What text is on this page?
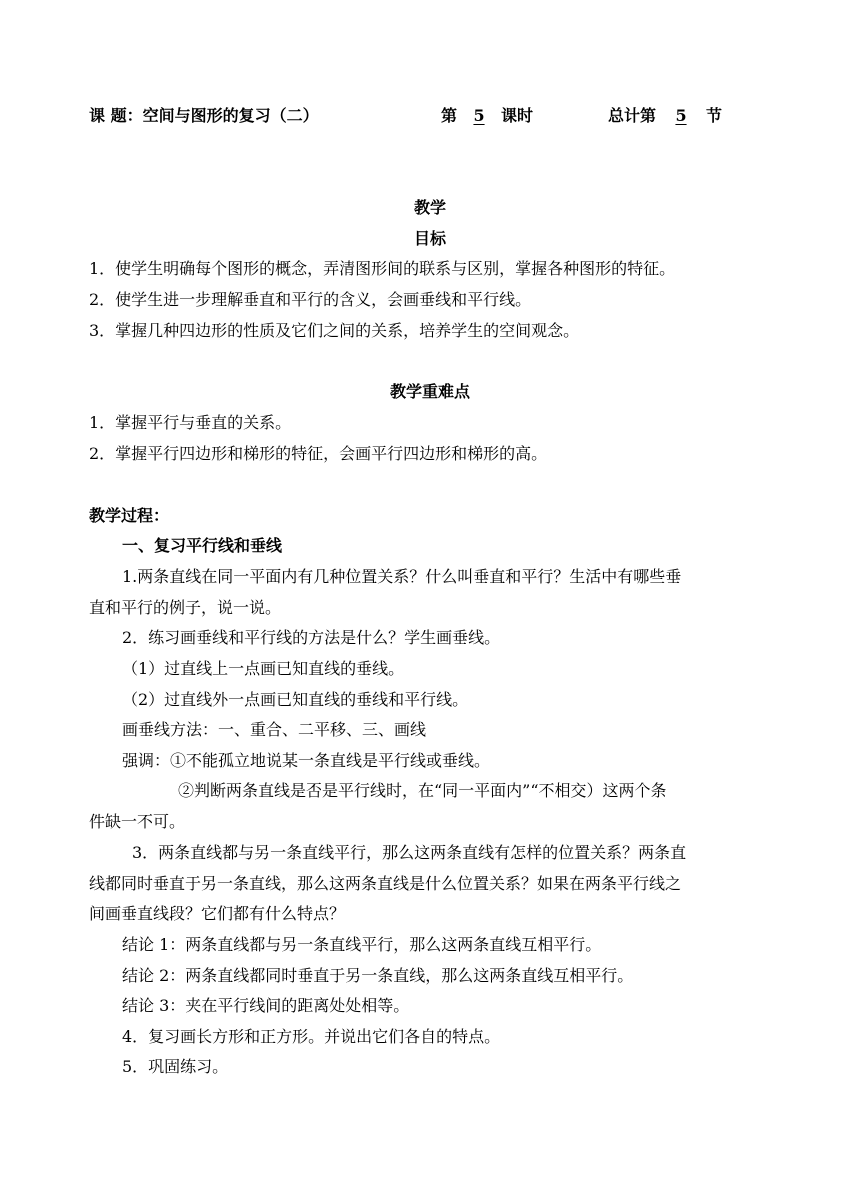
课 题：空间与图形的复习（二）	第 5 课时	总计第 5 节
教学
目标
1．使学生明确每个图形的概念，弄清图形间的联系与区别，掌握各种图形的特征。
2．使学生进一步理解垂直和平行的含义，会画垂线和平行线。
3．掌握几种四边形的性质及它们之间的关系，培养学生的空间观念。
教学重难点
1．掌握平行与垂直的关系。
2．掌握平行四边形和梯形的特征，会画平行四边形和梯形的高。
教学过程：
一、复习平行线和垂线
1.两条直线在同一平面内有几种位置关系？什么叫垂直和平行？生活中有哪些垂
直和平行的例子，说一说。
2．练习画垂线和平行线的方法是什么？学生画垂线。
（1）过直线上一点画已知直线的垂线。
（2）过直线外一点画已知直线的垂线和平行线。
画垂线方法：一、重合、二平移、三、画线
强调：①不能孤立地说某一条直线是平行线或垂线。
②判断两条直线是否是平行线时，在“同一平面内”“不相交）这两个条
件缺一不可。
3．两条直线都与另一条直线平行，那么这两条直线有怎样的位置关系？两条直
线都同时垂直于另一条直线，那么这两条直线是什么位置关系？如果在两条平行线之
间画垂直线段？它们都有什么特点？
结论 1：两条直线都与另一条直线平行，那么这两条直线互相平行。
结论 2：两条直线都同时垂直于另一条直线，那么这两条直线互相平行。
结论 3：夹在平行线间的距离处处相等。
4．复习画长方形和正方形。并说出它们各自的特点。
5．巩固练习。
